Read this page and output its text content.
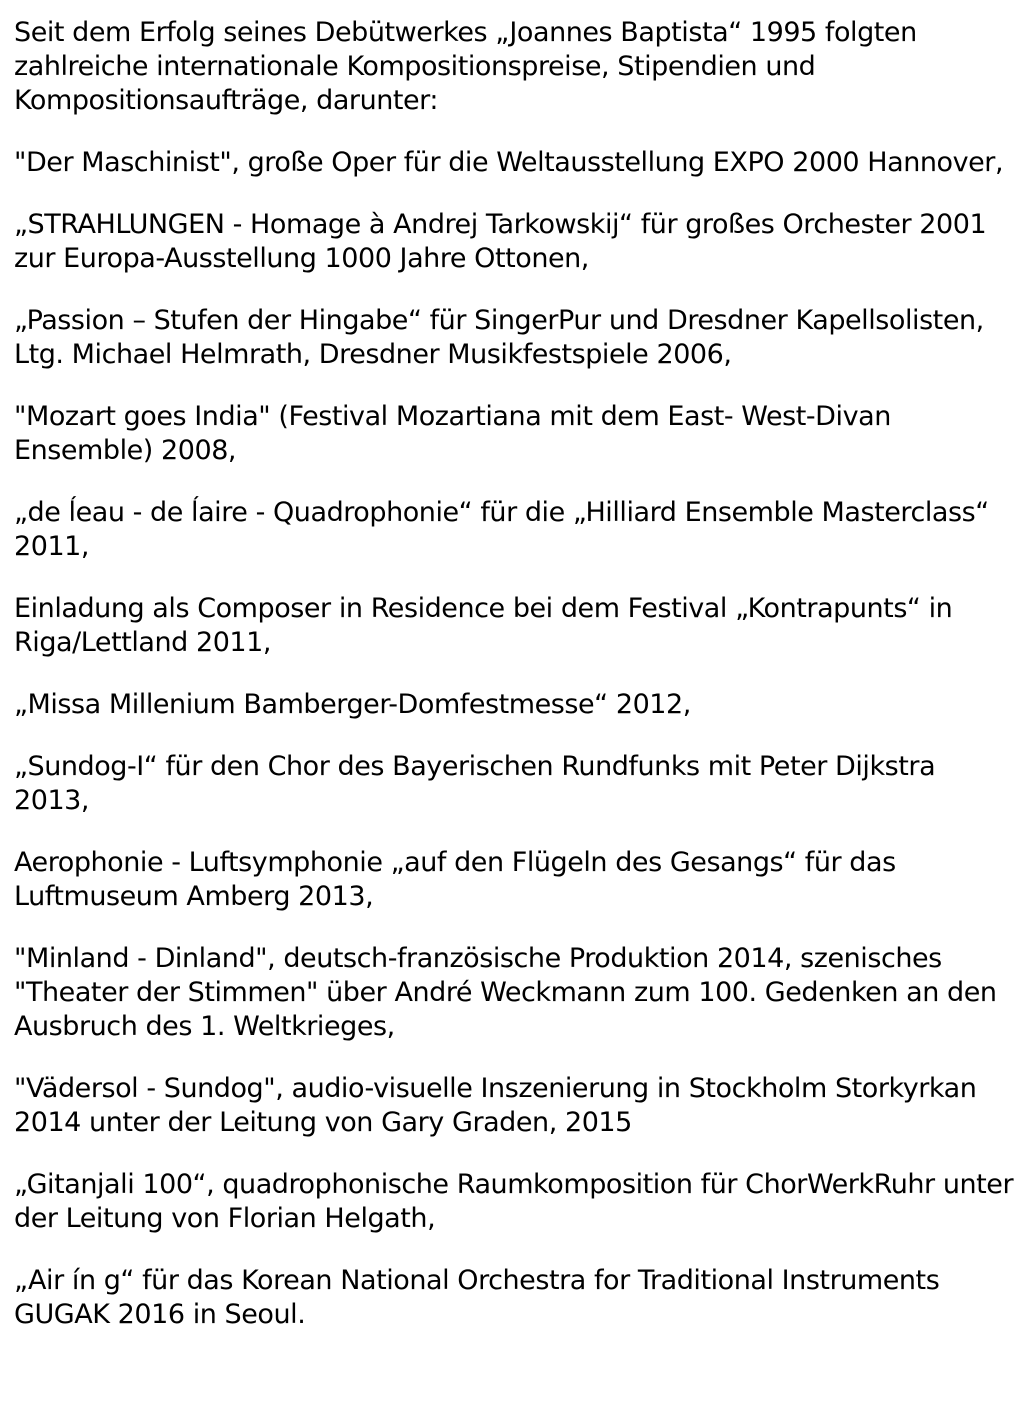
Seit dem Erfolg seines Debütwerkes „Joannes Baptista“ 1995 folgten zahlreiche internationale Kompositionspreise, Stipendien und Kompositionsaufträge, darunter:

"Der Maschinist", große Oper für die Weltausstellung EXPO 2000 Hannover,

„STRAHLUNGEN - Homage à Andrej Tarkowskij“ für großes Orchester 2001 zur Europa-Ausstellung 1000 Jahre Ottonen,

„Passion – Stufen der Hingabe“ für SingerPur und Dresdner Kapellsolisten, Ltg. Michael Helmrath, Dresdner Musikfestspiele 2006,

"Mozart goes India" (Festival Mozartiana mit dem East- West-Divan Ensemble) 2008,

„de ĺeau - de ĺaire - Quadrophonie“ für die „Hilliard Ensemble Masterclass“ 2011,

Einladung als Composer in Residence bei dem Festival „Kontrapunts“ in Riga/Lettland 2011,

„Missa Millenium Bamberger-Domfestmesse“ 2012,

„Sundog-I“ für den Chor des Bayerischen Rundfunks mit Peter Dijkstra 2013,

Aerophonie - Luftsymphonie „auf den Flügeln des Gesangs“ für das Luftmuseum Amberg 2013,

"Minland - Dinland", deutsch-französische Produktion 2014, szenisches "Theater der Stimmen" über André Weckmann zum 100. Gedenken an den Ausbruch des 1. Weltkrieges,

"Vädersol - Sundog", audio-visuelle Inszenierung in Stockholm Storkyrkan 2014 unter der Leitung von Gary Graden, 2015

„Gitanjali 100“, quadrophonische Raumkomposition für ChorWerkRuhr unter der Leitung von Florian Helgath,

„Air ín g“ für das Korean National Orchestra for Traditional Instruments GUGAK 2016 in Seoul.
